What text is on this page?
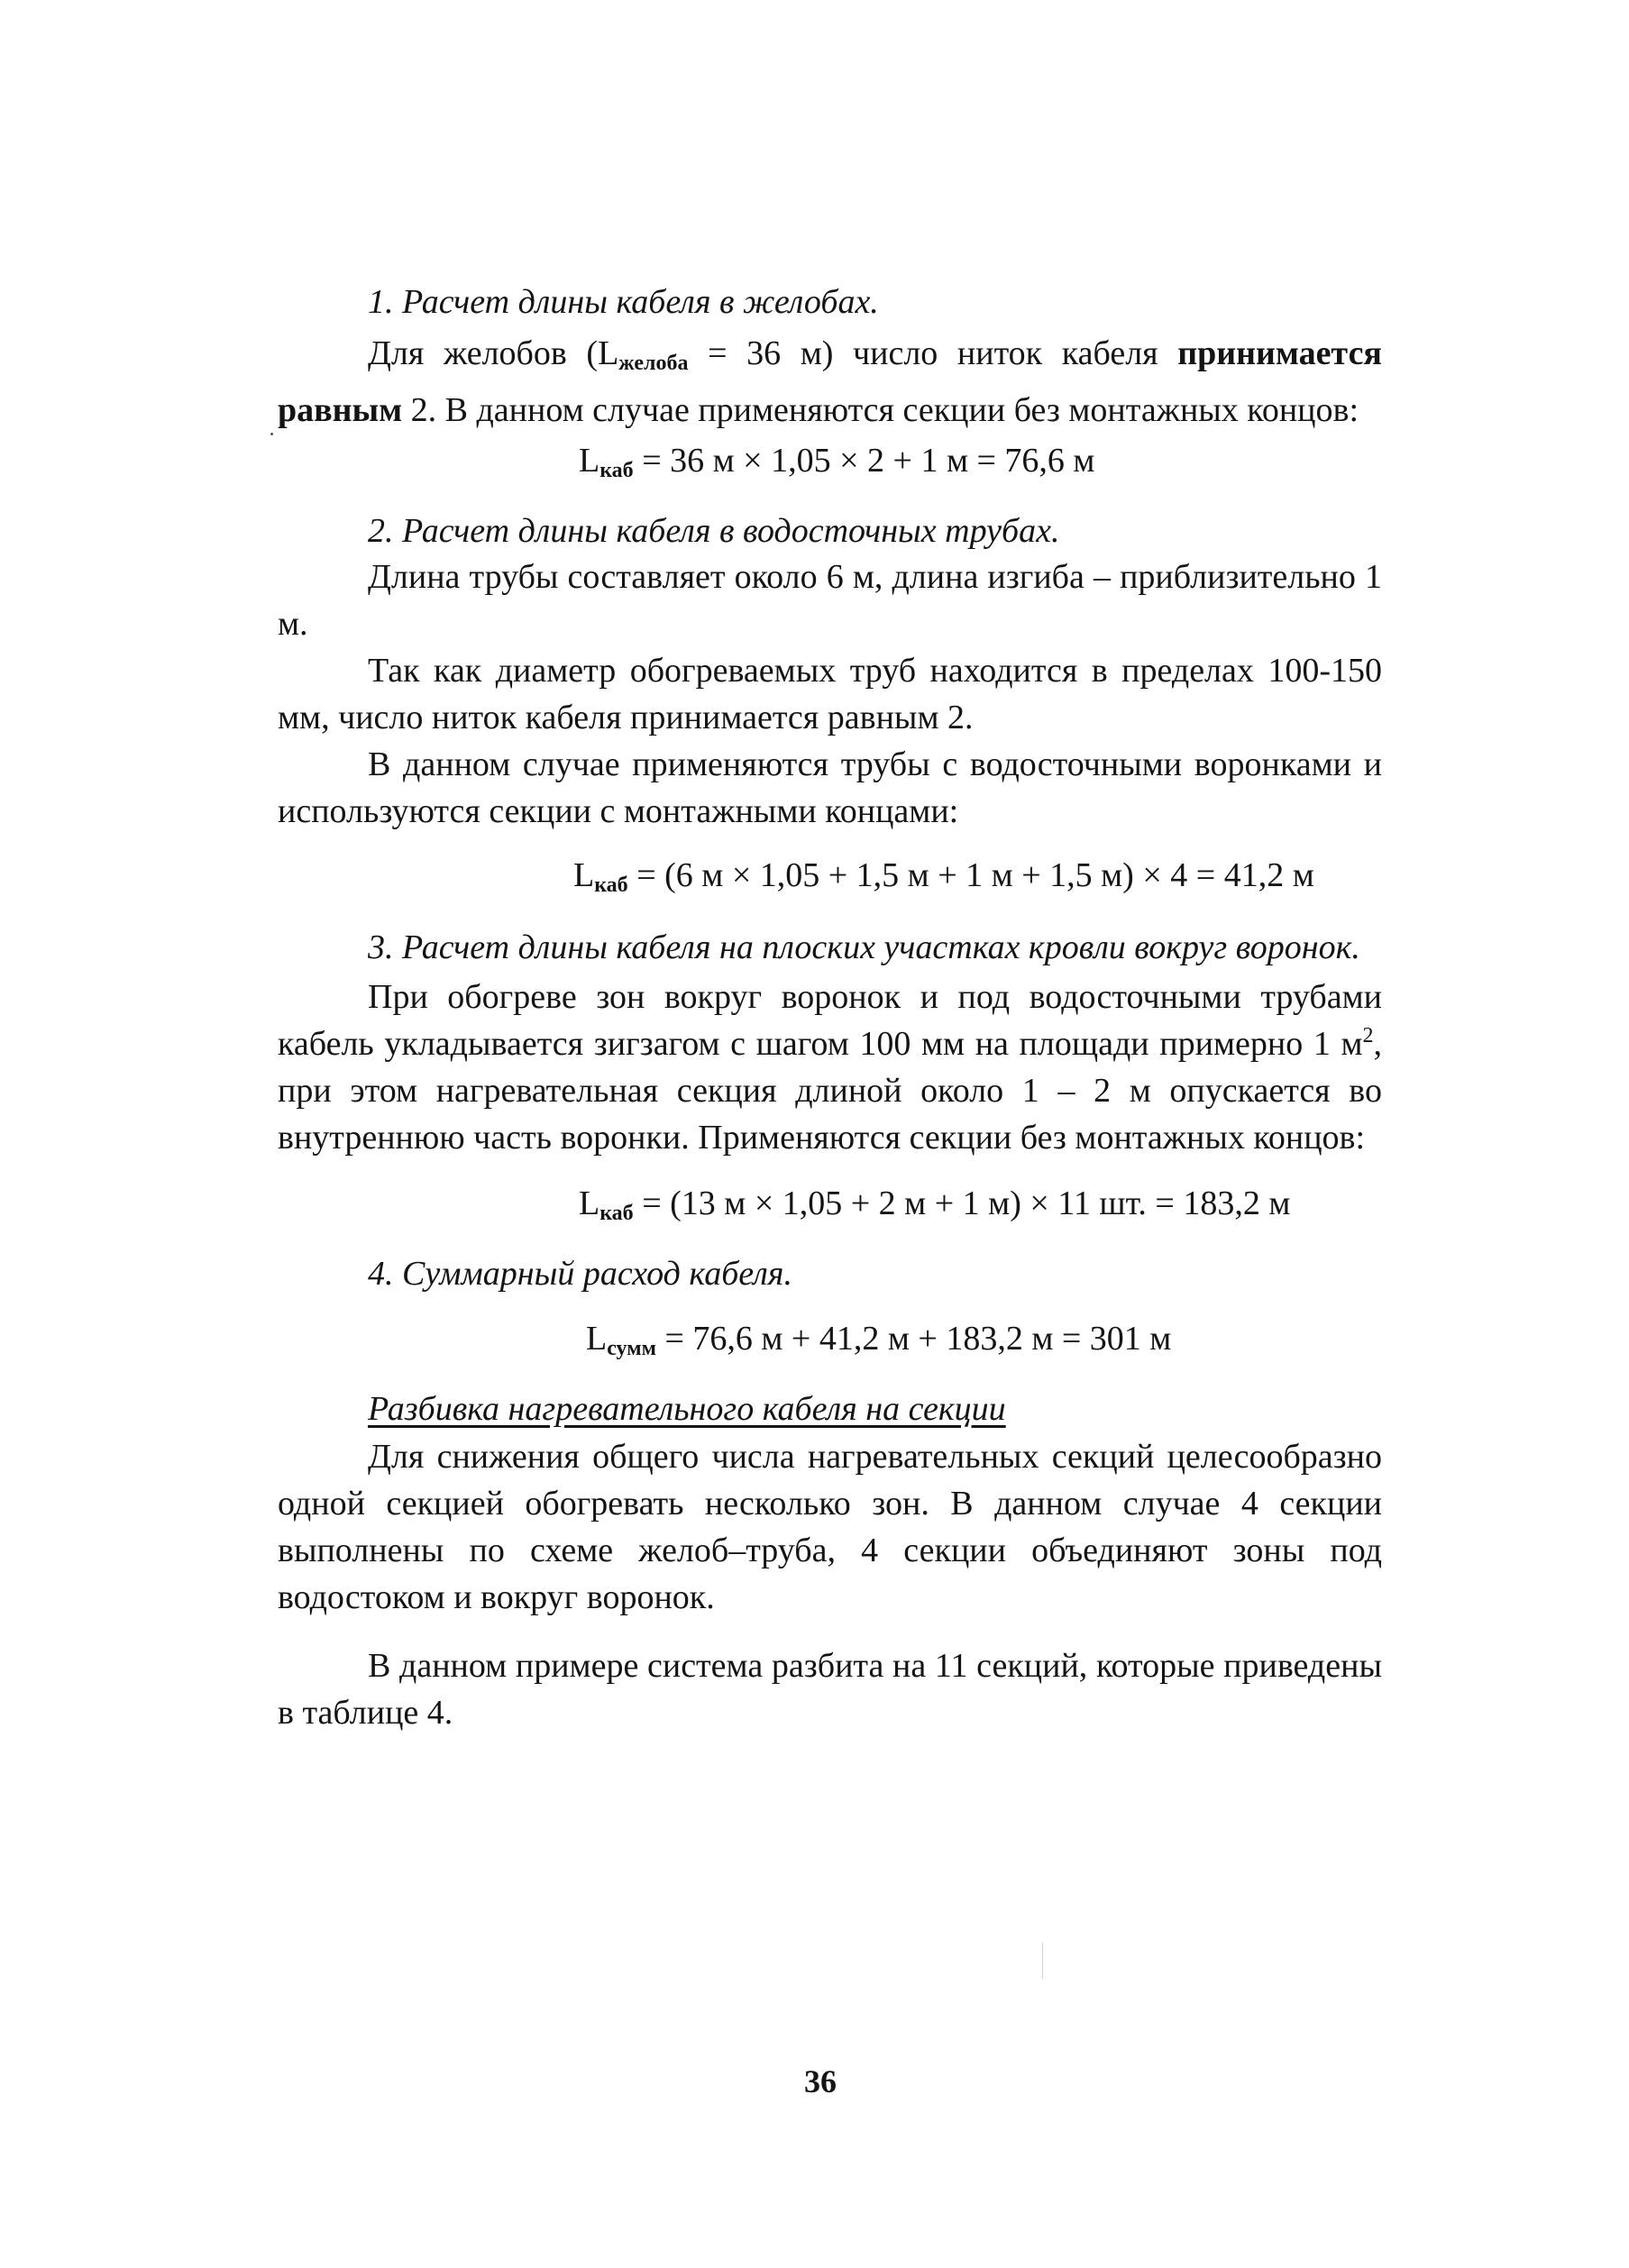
1. Расчет длины кабеля в желобах.
Для желобов ($L_{желоба} = 36$ м) число ниток кабеля принимается равным 2. В данном случае применяются секции без монтажных концов:
$L_{каб} = 36$ м × 1,05 × 2 + 1 м = 76,6 м
2. Расчет длины кабеля в водосточных трубах.
Длина трубы составляет около 6 м, длина изгиба – приблизительно 1 м.
Так как диаметр обогреваемых труб находится в пределах 100-150 мм, число ниток кабеля принимается равным 2.
В данном случае применяются трубы с водосточными воронками и используются секции с монтажными концами:
$L_{каб} = (6$ м × 1,05 + 1,5 м + 1 м + 1,5 м) × 4 = 41,2 м
3. Расчет длины кабеля на плоских участках кровли вокруг воронок.
При обогреве зон вокруг воронок и под водосточными трубами кабель укладывается зигзагом с шагом 100 мм на площади примерно 1 $м^2$, при этом нагревательная секция длиной около 1 – 2 м опускается во внутреннюю часть воронки. Применяются секции без монтажных концов:
$L_{каб} = (13$ м × 1,05 + 2 м + 1 м) × 11 шт. = 183,2 м
4. Суммарный расход кабеля.
$L_{сумм} = 76,6$ м + 41,2 м + 183,2 м = 301 м
Разбивка нагревательного кабеля на секции
Для снижения общего числа нагревательных секций целесообразно одной секцией обогревать несколько зон. В данном случае 4 секции выполнены по схеме желоб–труба, 4 секции объединяют зоны под водостоком и вокруг воронок.
В данном примере система разбита на 11 секций, которые приведены в таблице 4.
36
